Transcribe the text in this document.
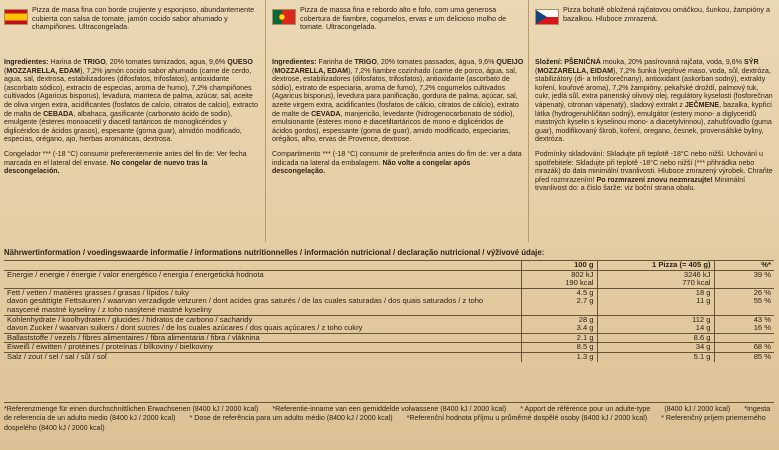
Pizza de masa fina con borde crujiente y esponjoso, abundantemente cubierta con salsa de tomate, jamón cocido sabor ahumado y champiñones. Ultracongelada.

Ingredientes: Harina de TRIGO, 20% tomates tamizados, agua, 9,6% QUESO (MOZZARELLA, EDAM), 7,2% jamón cocido sabor ahumado (carne de cerdo, agua, sal, dextrosa, estabilizadores (difosfatos, trifosfatos), antioxidante (ascorbato sódico), extracto de especias, aroma de humo), 7,2% champiñones cultivados (Agaricus bisporus), levadura, manteca de palma, azúcar, sal, aceite de oliva virgen extra, acidificantes (fosfatos de calcio, citratos de calcio), extracto de malta de CEBADA, albahaca, gasificante (carbonato ácido de sodio), emulgente (ésteres monoacetil y diacetil tartáricos de monoglicéridos y diglicéridos de ácidos grasos), espesante (goma guar), almidón modificado, especias, orégano, ajo, hierbas aromáticas, dextrosa.

Congelador *** (-18 °C) consumir preferentemente antes del fin de: Ver fecha marcada en el lateral del envase. No congelar de nuevo tras la descongelación.

Pizza de massa fina e rebordo alto e fofo, com uma generosa cobertura de fiambre, cogumelos, ervas e um delicioso molho de tomate. Ultracongelada.

Ingredientes: Farinha de TRIGO, 20% tomates passados, água, 9,6% QUEIJO (MOZZARELLA, EDAM), 7,2% fiambre cozinhado (carne de porco, água, sal, dextrose, estabilizadores (difosfatos, trifosfatos), antioxidante (ascorbato de sódio), extrato de especiaria, aroma de fumo), 7,2% cogumelos cultivados (Agaricus bisporus), levedura para panificação, gordura de palma, açúcar, sal, azeite virgem extra, acidificantes (fosfatos de cálcio, citratos de cálcio), extrato de malte de CEVADA, manjericão, levedante (hidrogenocarbonato de sódio), emulsionante (ésteres mono e diacetiltartáricos de mono e diglicéridos de ácidos gordos), espessante (goma de guar), amido modificado, especiarias, orégãos, alho, ervas de Provence, dextrose.

Compartimento *** (-18 °C) consumir de preferência antes do fim de: ver a data indicada na lateral da embalagem. Não volte a congelar após descongelação.

Pizza bohatě obložená rajčatovou omáčkou, šunkou, žampióny a bazalkou. Hluboce zmrazená.

Složení: PŠENIČNÁ mouka, 20% pasírovaná rajčata, voda, 9,6% SÝR (MOZZARELLA, EIDAM), 7,2% šunka (vepřové maso, voda, sůl, dextróza, stabilizátory (di- a trifosforečnany), antioxidant (askorban sodný), extrakty koření, kouřové aroma), 7,2% žampióny, pekařské droždí, palmový tuk, cukr, jedlá sůl, extra panenský olivový olej, regulátory kyselosti (fosforečnan vápenatý, citronan vápenatý), sladový extrakt z JEČMENE, bazalka, kypřicí látka (hydrogenuhličitan sodný), emulgátor (estery mono- a diglyceridů mastných kyselin s kyselinou mono- a diacetylvinnou), zahušťovadlo (guma guar), modifikovaný škrob, koření, oregano, česnek, provensálské byliny, dextróza.

Podmínky skladování: Skladujte při teplotě -18°C nebo nižší. Uchování u spotřebitele: Skladujte při teplotě -18°C nebo nižší (*** přihrádka nebo mrazák) do data minimální trvanlivosti. Hluboce zmrazený výrobek. Chraňte před rozmrazením! Po rozmrazení znovu nezmrazujte! Minimální trvanlivost do: a číslo šarže: viz boční strana obalu.

Nährwertinformation / voedingswaarde informatie / informations nutritionnelles / información nutricional / declaração nutricional / výživové údaje:
	100 g	1 Pizza (= 405 g)	%*
Energie / energie / énergie / valor energético / energia / energetická hodnota	802 kJ	3246 kJ	39 %
	190 kcal	770 kcal	
Fett / vetten / matières grasses / grasas / lípidos / tuky	4.5 g	18 g	26 %
davon gesättigte Fettsäuren / waarvan verzadigde vetzuren / dont acides gras saturés / de las cuales saturadas / dos quais saturados / z toho nasycené mastné kyseliny / z toho nasýtené mastné kyseliny	2.7 g	11 g	55 %
Kohlenhydrate / koolhydraten / glucides / hidratos de carbono / sacharidy	28 g	112 g	43 %
davon Zucker / waarvan suikers / dont sucres / de los cuales azúcares / dos quais açúcares / z toho cukry	3.4 g	14 g	16 %
Ballaststoffe / vezels / fibres alimentaires / fibra alimentaria / fibra / vláknina	2.1 g	8.6 g	
Eiweiß / eiwitten / protéines / proteínas / bílkoviny / bielkoviny	8.5 g	34 g	68 %
Salz / zout / sel / sal / sůl / soľ	1.3 g	5.1 g	85 %
*Referenzmenge für einen durchschnittlichen Erwachsenen (8400 kJ / 2000 kcal) *Referentie-inname van een gemiddelde volwassene (8400 kJ / 2000 kcal) * Apport de référence pour un adulte-type (8400 kJ / 2000 kcal) *Ingesta de referencia de un adulto medio (8400 kJ / 2000 kcal) * Dose de referência para um adulto médio (8400 kJ / 2000 kcal) *Referenční hodnota příjmu u průměrné dospělé osoby (8400 kJ / 2000 kcal) * Referenčný príjem priemerného dospelého (8400 kJ / 2000 kcal)
